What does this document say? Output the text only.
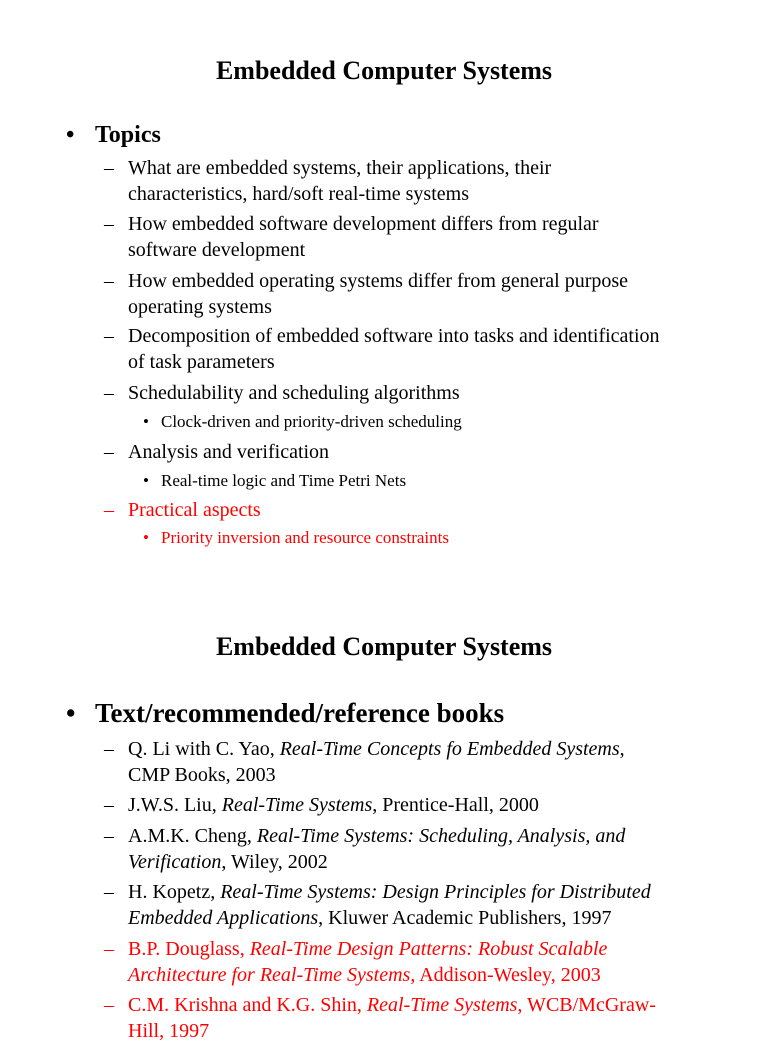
Embedded Computer Systems
• Topics
– What are embedded systems, their applications, their
characteristics, hard/soft real-time systems
– How embedded software development differs from regular
software development
– How embedded operating systems differ from general purpose
operating systems
– Decomposition of embedded software into tasks and identification
of task parameters
– Schedulability and scheduling algorithms
• Clock-driven and priority-driven scheduling
– Analysis and verification
• Real-time logic and Time Petri Nets
– Practical aspects
• Priority inversion and resource constraints
Embedded Computer Systems
• Text/recommended/reference books
– Q. Li with C. Yao, Real-Time Concepts fo Embedded Systems,
CMP Books, 2003
– J.W.S. Liu, Real-Time Systems, Prentice-Hall, 2000
– A.M.K. Cheng, Real-Time Systems: Scheduling, Analysis, and
Verification, Wiley, 2002
– H. Kopetz, Real-Time Systems: Design Principles for Distributed
Embedded Applications, Kluwer Academic Publishers, 1997
– B.P. Douglass, Real-Time Design Patterns: Robust Scalable
Architecture for Real-Time Systems, Addison-Wesley, 2003
– C.M. Krishna and K.G. Shin, Real-Time Systems, WCB/McGraw-
Hill, 1997
